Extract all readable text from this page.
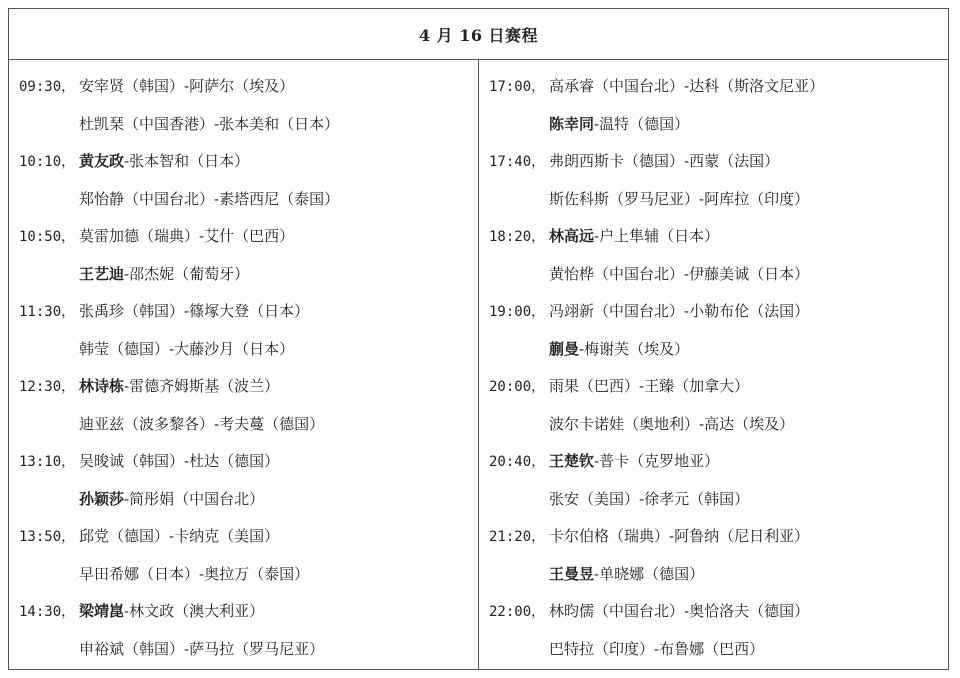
4 月 16 日赛程
09:30， 安宰贤（韩国）-阿萨尔（埃及）
杜凯琹（中国香港）-张本美和（日本）
10:10， 黄友政-张本智和（日本）
郑怡静（中国台北）-素塔西尼（泰国）
10:50， 莫雷加德（瑞典）-艾什（巴西）
王艺迪-邵杰妮（葡萄牙）
11:30， 张禹珍（韩国）-篠塚大登（日本）
韩莹（德国）-大藤沙月（日本）
12:30， 林诗栋-雷德齐姆斯基（波兰）
迪亚兹（波多黎各）-考夫蔓（德国）
13:10， 吴晙诚（韩国）-杜达（德国）
孙颖莎-简彤娟（中国台北）
13:50， 邱党（德国）-卡纳克（美国）
早田希娜（日本）-奥拉万（泰国）
14:30， 梁靖崑-林文政（澳大利亚）
申裕斌（韩国）-萨马拉（罗马尼亚）
17:00， 高承睿（中国台北）-达科（斯洛文尼亚）
陈幸同-温特（德国）
17:40， 弗朗西斯卡（德国）-西蒙（法国）
斯佐科斯（罗马尼亚）-阿库拉（印度）
18:20， 林高远-户上隼辅（日本）
黄怡桦（中国台北）-伊藤美诚（日本）
19:00， 冯翊新（中国台北）-小勒布伦（法国）
蒯曼-梅谢芙（埃及）
20:00， 雨果（巴西）-王臻（加拿大）
波尔卡诺娃（奥地利）-高达（埃及）
20:40， 王楚钦-普卡（克罗地亚）
张安（美国）-徐孝元（韩国）
21:20， 卡尔伯格（瑞典）-阿鲁纳（尼日利亚）
王曼昱-单晓娜（德国）
22:00， 林昀儒（中国台北）-奥恰洛夫（德国）
巴特拉（印度）-布鲁娜（巴西）
